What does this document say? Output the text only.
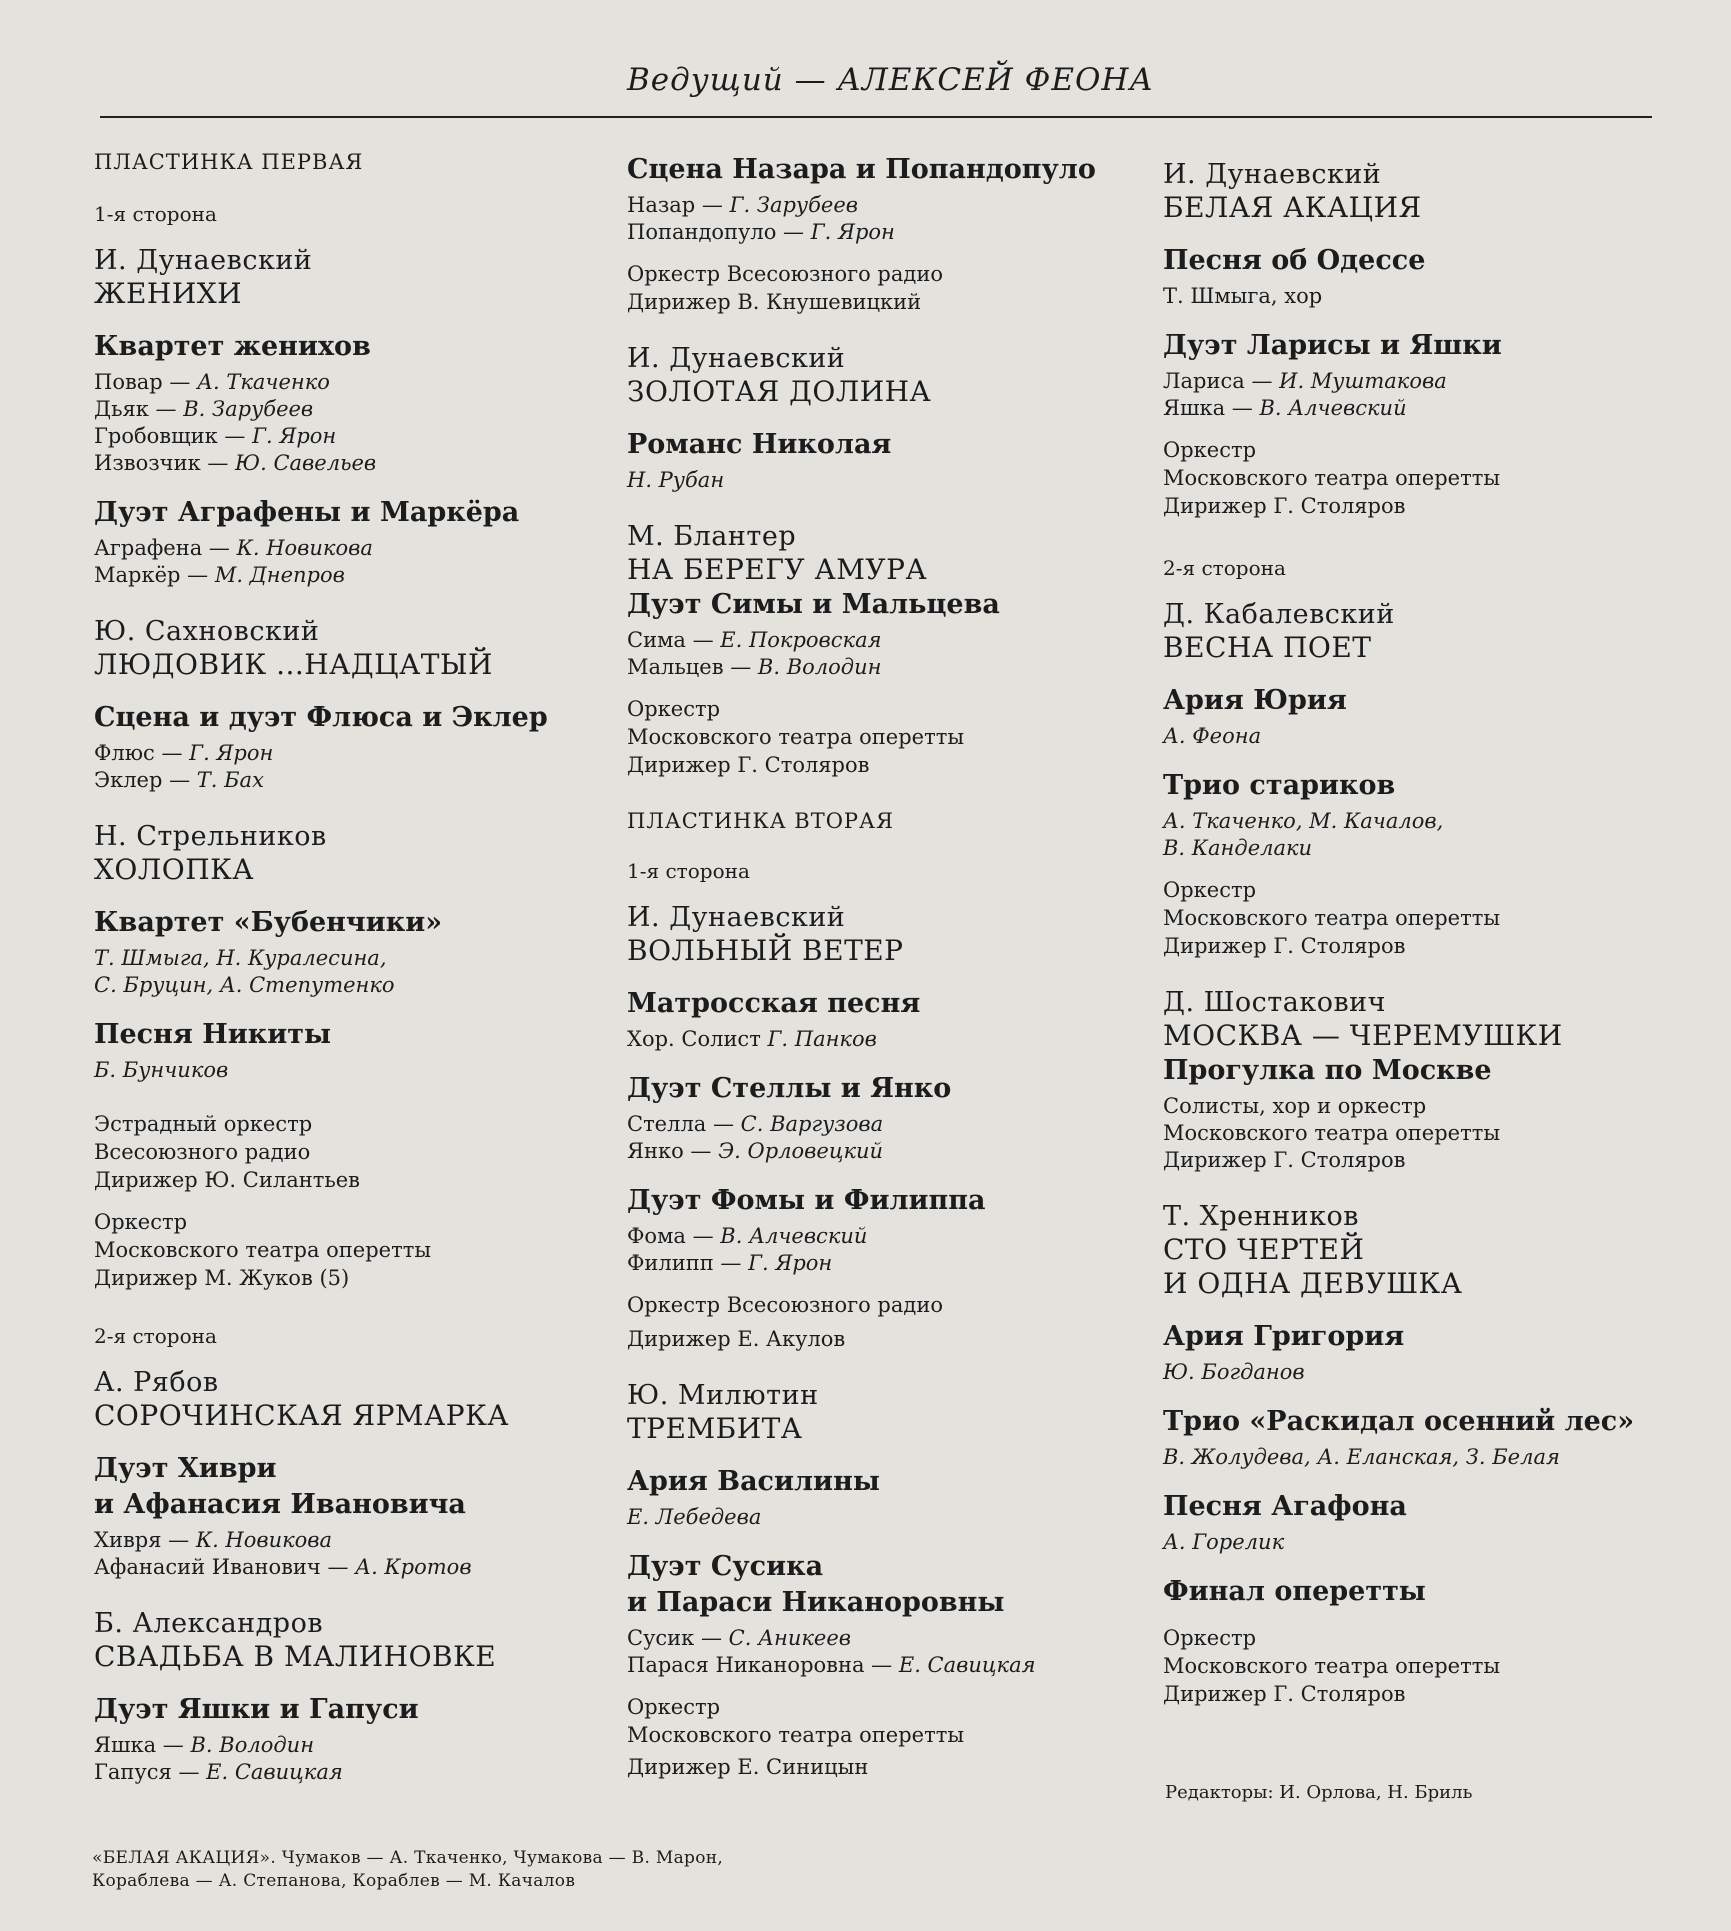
Ведущий — АЛЕКСЕЙ ФЕОНА
ПЛАСТИНКА ПЕРВАЯ
1-я сторона
И. Дунаевский
ЖЕНИХИ
Квартет женихов
Повар — А. Ткаченко
Дьяк — В. Зарубеев
Гробовщик — Г. Ярон
Извозчик — Ю. Савельев
Дуэт Аграфены и Маркёра
Аграфена — К. Новикова
Маркёр — М. Днепров
Ю. Сахновский
ЛЮДОВИК ...НАДЦАТЫЙ
Сцена и дуэт Флюса и Эклер
Флюс — Г. Ярон
Эклер — Т. Бах
Н. Стрельников
ХОЛОПКА
Квартет «Бубенчики»
Т. Шмыга, Н. Куралесина,
С. Бруцин, А. Степутенко
Песня Никиты
Б. Бунчиков
Эстрадный оркестр
Всесоюзного радио
Дирижер Ю. Силантьев
Оркестр
Московского театра оперетты
Дирижер М. Жуков (5)
2-я сторона
А. Рябов
СОРОЧИНСКАЯ ЯРМАРКА
Дуэт Хиври
и Афанасия Ивановича
Хивря — К. Новикова
Афанасий Иванович — А. Кротов
Б. Александров
СВАДЬБА В МАЛИНОВКЕ
Дуэт Яшки и Гапуси
Яшка — В. Володин
Гапуся — Е. Савицкая
Сцена Назара и Попандопуло
Назар — Г. Зарубеев
Попандопуло — Г. Ярон
Оркестр Всесоюзного радио
Дирижер В. Кнушевицкий
И. Дунаевский
ЗОЛОТАЯ ДОЛИНА
Романс Николая
Н. Рубан
М. Блантер
НА БЕРЕГУ АМУРА
Дуэт Симы и Мальцева
Сима — Е. Покровская
Мальцев — В. Володин
Оркестр
Московского театра оперетты
Дирижер Г. Столяров
ПЛАСТИНКА ВТОРАЯ
1-я сторона
И. Дунаевский
ВОЛЬНЫЙ ВЕТЕР
Матросская песня
Хор. Солист Г. Панков
Дуэт Стеллы и Янко
Стелла — С. Варгузова
Янко — Э. Орловецкий
Дуэт Фомы и Филиппа
Фома — В. Алчевский
Филипп — Г. Ярон
Оркестр Всесоюзного радио
Дирижер Е. Акулов
Ю. Милютин
ТРЕМБИТА
Ария Василины
Е. Лебедева
Дуэт Сусика
и Параси Никаноровны
Сусик — С. Аникеев
Парася Никаноровна — Е. Савицкая
Оркестр
Московского театра оперетты
Дирижер Е. Синицын
И. Дунаевский
БЕЛАЯ АКАЦИЯ
Песня об Одессе
Т. Шмыга, хор
Дуэт Ларисы и Яшки
Лариса — И. Муштакова
Яшка — В. Алчевский
Оркестр
Московского театра оперетты
Дирижер Г. Столяров
2-я сторона
Д. Кабалевский
ВЕСНА ПОЕТ
Ария Юрия
А. Феона
Трио стариков
А. Ткаченко, М. Качалов,
В. Канделаки
Оркестр
Московского театра оперетты
Дирижер Г. Столяров
Д. Шостакович
МОСКВА — ЧЕРЕМУШКИ
Прогулка по Москве
Солисты, хор и оркестр
Московского театра оперетты
Дирижер Г. Столяров
Т. Хренников
СТО ЧЕРТЕЙ
И ОДНА ДЕВУШКА
Ария Григория
Ю. Богданов
Трио «Раскидал осенний лес»
В. Жолудева, А. Еланская, З. Белая
Песня Агафона
А. Горелик
Финал оперетты
Оркестр
Московского театра оперетты
Дирижер Г. Столяров
Редакторы: И. Орлова, Н. Бриль
«БЕЛАЯ АКАЦИЯ». Чумаков — А. Ткаченко, Чумакова — В. Марон,
Кораблева — А. Степанова, Кораблев — М. Качалов
